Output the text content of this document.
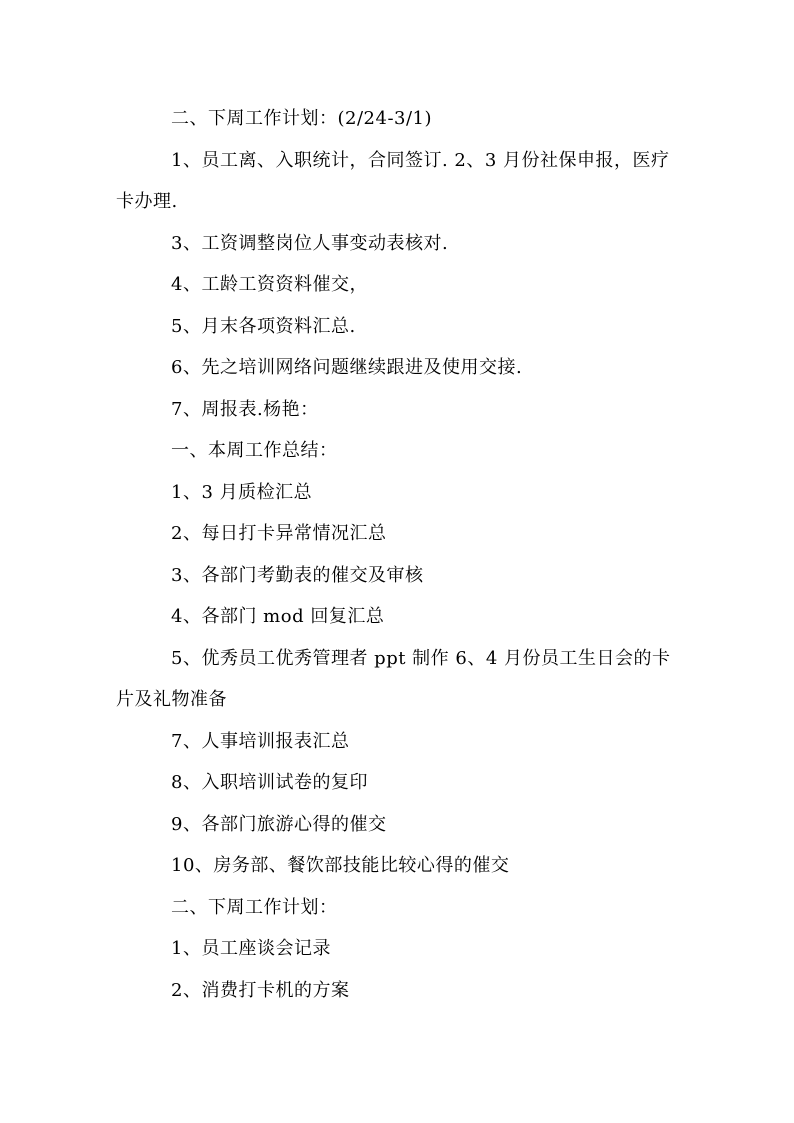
二、下周工作计划：(2/24-3/1)

1、员工离、入职统计，合同签订. 2、3 月份社保申报，医疗卡办理.

3、工资调整岗位人事变动表核对.

4、工龄工资资料催交，

5、月末各项资料汇总.

6、先之培训网络问题继续跟进及使用交接.

7、周报表.杨艳：

一、本周工作总结：

1、3 月质检汇总

2、每日打卡异常情况汇总

3、各部门考勤表的催交及审核

4、各部门 mod 回复汇总

5、优秀员工优秀管理者 ppt 制作 6、4 月份员工生日会的卡片及礼物准备

7、人事培训报表汇总

8、入职培训试卷的复印

9、各部门旅游心得的催交

10、房务部、餐饮部技能比较心得的催交

二、下周工作计划：

1、员工座谈会记录

2、消费打卡机的方案
